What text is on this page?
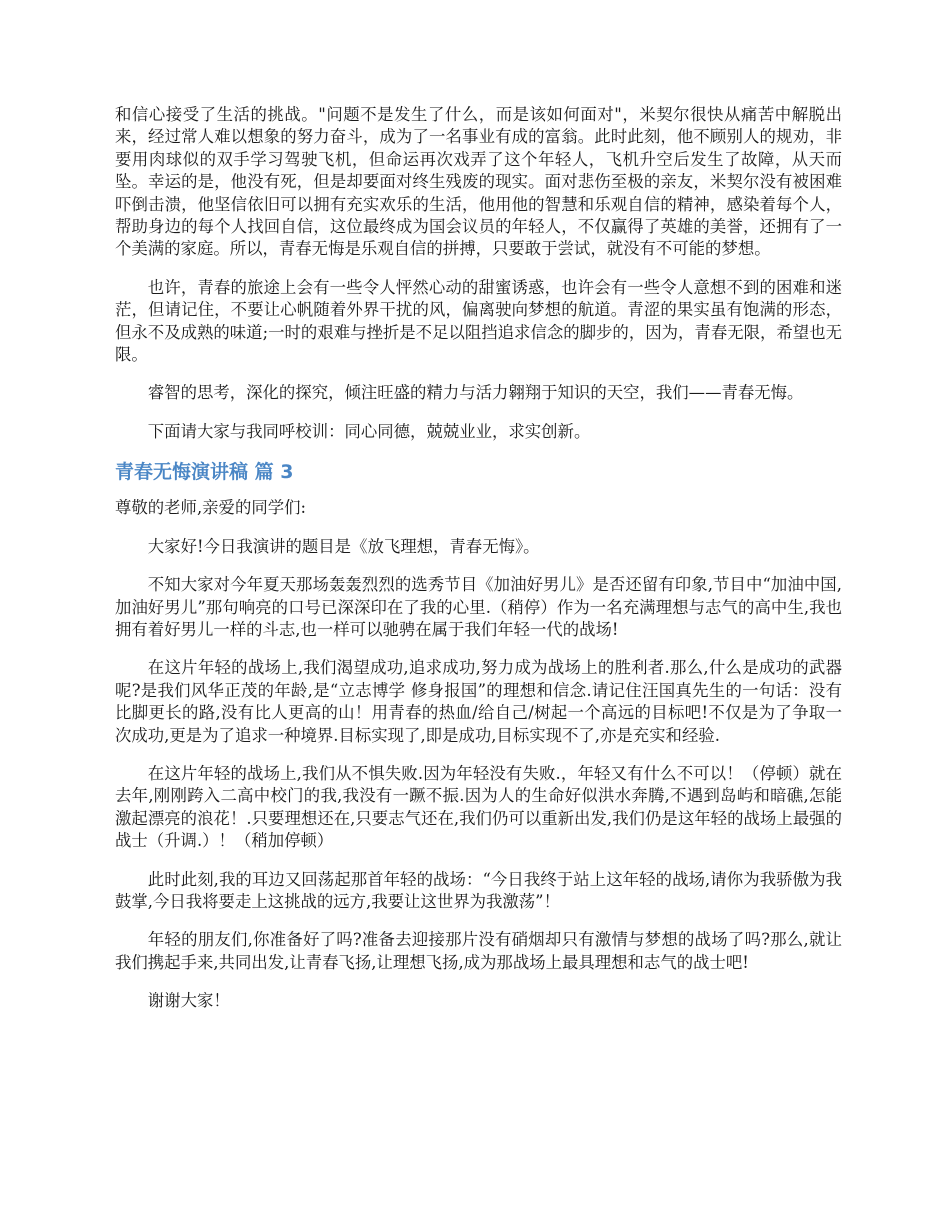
和信心接受了生活的挑战。"问题不是发生了什么，而是该如何面对"，米契尔很快从痛苦中解脱出来，经过常人难以想象的努力奋斗，成为了一名事业有成的富翁。此时此刻，他不顾别人的规劝，非要用肉球似的双手学习驾驶飞机，但命运再次戏弄了这个年轻人，飞机升空后发生了故障，从天而坠。幸运的是，他没有死，但是却要面对终生残废的现实。面对悲伤至极的亲友，米契尔没有被困难吓倒击溃，他坚信依旧可以拥有充实欢乐的生活，他用他的智慧和乐观自信的精神，感染着每个人，帮助身边的每个人找回自信，这位最终成为国会议员的年轻人，不仅赢得了英雄的美誉，还拥有了一个美满的家庭。所以，青春无悔是乐观自信的拼搏，只要敢于尝试，就没有不可能的梦想。

也许，青春的旅途上会有一些令人怦然心动的甜蜜诱惑，也许会有一些令人意想不到的困难和迷茫，但请记住，不要让心帆随着外界干扰的风，偏离驶向梦想的航道。青涩的果实虽有饱满的形态，但永不及成熟的味道;一时的艰难与挫折是不足以阻挡追求信念的脚步的，因为，青春无限，希望也无限。

睿智的思考，深化的探究，倾注旺盛的精力与活力翱翔于知识的天空，我们——青春无悔。

下面请大家与我同呼校训：同心同德，兢兢业业，求实创新。

青春无悔演讲稿 篇 3

尊敬的老师,亲爱的同学们:

大家好!今日我演讲的题目是《放飞理想，青春无悔》。

不知大家对今年夏天那场轰轰烈烈的选秀节目《加油好男儿》是否还留有印象,节目中“加油中国,加油好男儿”那句响亮的口号已深深印在了我的心里.（稍停）作为一名充满理想与志气的高中生,我也拥有着好男儿一样的斗志,也一样可以驰骋在属于我们年轻一代的战场!

在这片年轻的战场上,我们渴望成功,追求成功,努力成为战场上的胜利者.那么,什么是成功的武器呢?是我们风华正茂的年龄,是“立志博学 修身报国”的理想和信念.请记住汪国真先生的一句话：没有比脚更长的路,没有比人更高的山！用青春的热血/给自己/树起一个高远的目标吧!不仅是为了争取一次成功,更是为了追求一种境界.目标实现了,即是成功,目标实现不了,亦是充实和经验.

在这片年轻的战场上,我们从不惧失败.因为年轻没有失败.，年轻又有什么不可以！（停顿）就在去年,刚刚跨入二高中校门的我,我没有一蹶不振.因为人的生命好似洪水奔腾,不遇到岛屿和暗礁,怎能激起漂亮的浪花！.只要理想还在,只要志气还在,我们仍可以重新出发,我们仍是这年轻的战场上最强的战士（升调.）！（稍加停顿）

此时此刻,我的耳边又回荡起那首年轻的战场：“今日我终于站上这年轻的战场,请你为我骄傲为我鼓掌,今日我将要走上这挑战的远方,我要让这世界为我激荡”！

年轻的朋友们,你准备好了吗?准备去迎接那片没有硝烟却只有激情与梦想的战场了吗?那么,就让我们携起手来,共同出发,让青春飞扬,让理想飞扬,成为那战场上最具理想和志气的战士吧!

谢谢大家！
